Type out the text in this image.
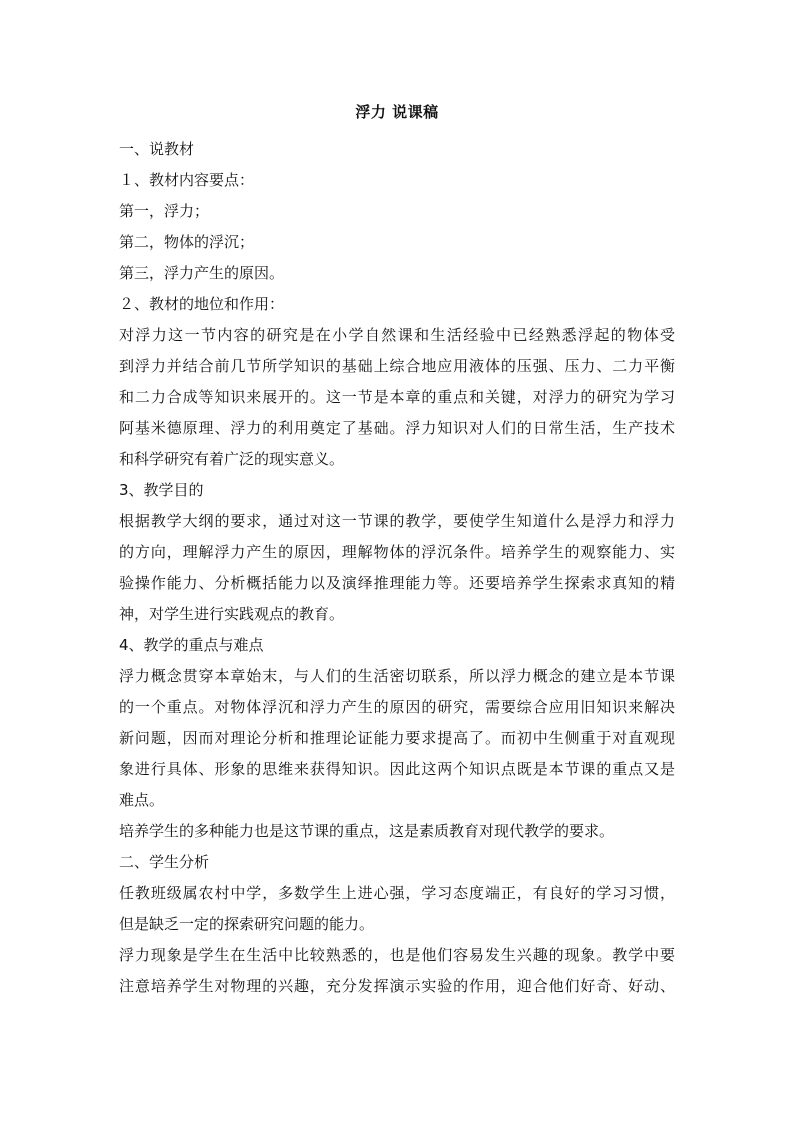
浮力 说课稿
一、说教材
１、教材内容要点：
第一，浮力；
第二，物体的浮沉；
第三，浮力产生的原因。
２、教材的地位和作用：
对浮力这一节内容的研究是在小学自然课和生活经验中已经熟悉浮起的物体受
到浮力并结合前几节所学知识的基础上综合地应用液体的压强、压力、二力平衡
和二力合成等知识来展开的。这一节是本章的重点和关键，对浮力的研究为学习
阿基米德原理、浮力的利用奠定了基础。浮力知识对人们的日常生活，生产技术
和科学研究有着广泛的现实意义。
3、教学目的
根据教学大纲的要求，通过对这一节课的教学，要使学生知道什么是浮力和浮力
的方向，理解浮力产生的原因，理解物体的浮沉条件。培养学生的观察能力、实
验操作能力、分析概括能力以及演绎推理能力等。还要培养学生探索求真知的精
神，对学生进行实践观点的教育。
4、教学的重点与难点
浮力概念贯穿本章始末，与人们的生活密切联系，所以浮力概念的建立是本节课
的一个重点。对物体浮沉和浮力产生的原因的研究，需要综合应用旧知识来解决
新问题，因而对理论分析和推理论证能力要求提高了。而初中生侧重于对直观现
象进行具体、形象的思维来获得知识。因此这两个知识点既是本节课的重点又是
难点。
培养学生的多种能力也是这节课的重点，这是素质教育对现代教学的要求。
二、学生分析
任教班级属农村中学，多数学生上进心强，学习态度端正，有良好的学习习惯，
但是缺乏一定的探索研究问题的能力。
浮力现象是学生在生活中比较熟悉的，也是他们容易发生兴趣的现象。教学中要
注意培养学生对物理的兴趣，充分发挥演示实验的作用，迎合他们好奇、好动、
